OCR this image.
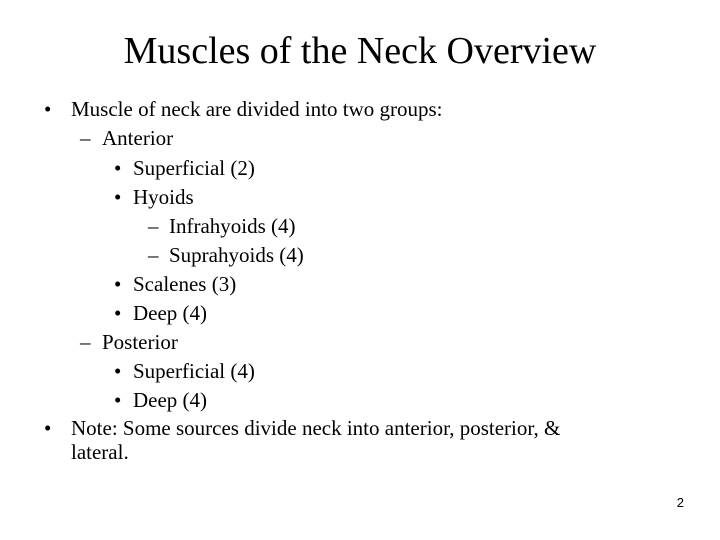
Muscles of the Neck Overview
• Muscle of neck are divided into two groups:
– Anterior
• Superficial (2)
• Hyoids
– Infrahyoids (4)
– Suprahyoids (4)
• Scalenes (3)
• Deep (4)
– Posterior
• Superficial (4)
• Deep (4)
• Note: Some sources divide neck into anterior, posterior, &
lateral.
2
